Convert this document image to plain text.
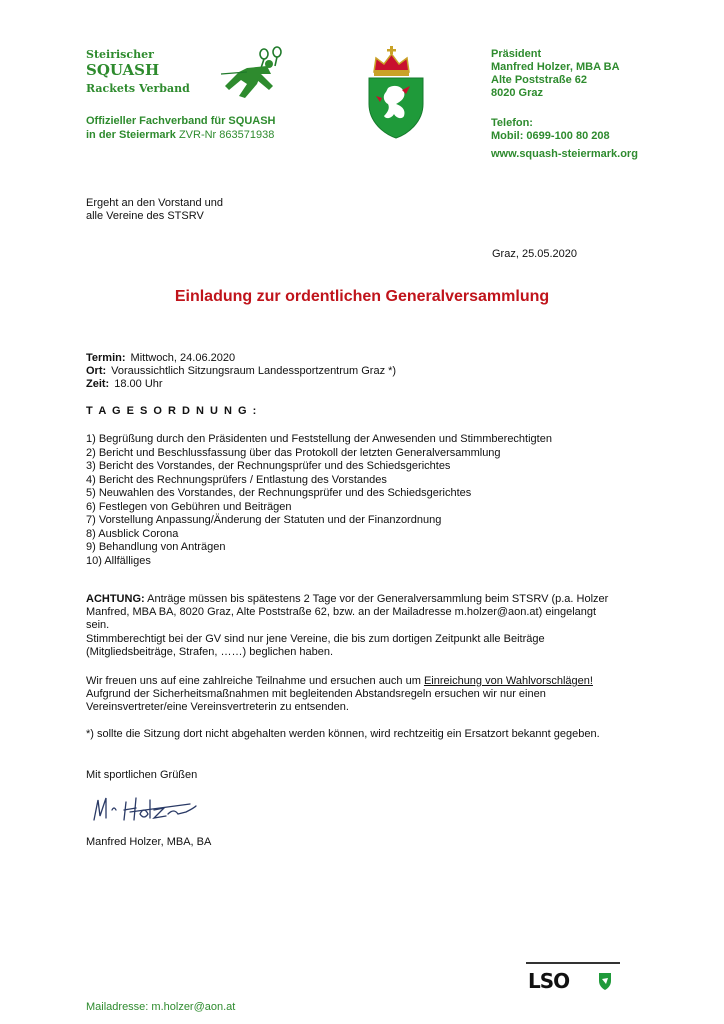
Steirischer
SQUASH
Rackets Verband
Offizieller Fachverband für SQUASH
in der Steiermark ZVR-Nr 863571938
Präsident
Manfred Holzer, MBA BA
Alte Poststraße 62
8020 Graz
Telefon:
Mobil: 0699-100 80 208
www.squash-steiermark.org
Ergeht an den Vorstand und
alle Vereine des STSRV
Graz, 25.05.2020
Einladung zur ordentlichen Generalversammlung
Termin: Mittwoch, 24.06.2020
Ort: Voraussichtlich Sitzungsraum Landessportzentrum Graz *)
Zeit: 18.00 Uhr
T A G E S O R D N U N G :
1) Begrüßung durch den Präsidenten und Feststellung der Anwesenden und Stimmberechtigten
2) Bericht und Beschlussfassung über das Protokoll der letzten Generalversammlung
3) Bericht des Vorstandes, der Rechnungsprüfer und des Schiedsgerichtes
4) Bericht des Rechnungsprüfers / Entlastung des Vorstandes
5) Neuwahlen des Vorstandes, der Rechnungsprüfer und des Schiedsgerichtes
6) Festlegen von Gebühren und Beiträgen
7) Vorstellung Anpassung/Änderung der Statuten und der Finanzordnung
8) Ausblick Corona
9) Behandlung von Anträgen
10) Allfälliges
ACHTUNG: Anträge müssen bis spätestens 2 Tage vor der Generalversammlung beim STSRV (p.a. Holzer
Manfred, MBA BA, 8020 Graz, Alte Poststraße 62, bzw. an der Mailadresse m.holzer@aon.at) eingelangt
sein.
Stimmberechtigt bei der GV sind nur jene Vereine, die bis zum dortigen Zeitpunkt alle Beiträge
(Mitgliedsbeiträge, Strafen, ……) beglichen haben.
Wir freuen uns auf eine zahlreiche Teilnahme und ersuchen auch um Einreichung von Wahlvorschlägen!
Aufgrund der Sicherheitsmaßnahmen mit begleitenden Abstandsregeln ersuchen wir nur einen
Vereinsvertreter/eine Vereinsvertreterin zu entsenden.
*) sollte die Sitzung dort nicht abgehalten werden können, wird rechtzeitig ein Ersatzort bekannt gegeben.
Mit sportlichen Grüßen
Manfred Holzer, MBA, BA
LSO
Mailadresse: m.holzer@aon.at
